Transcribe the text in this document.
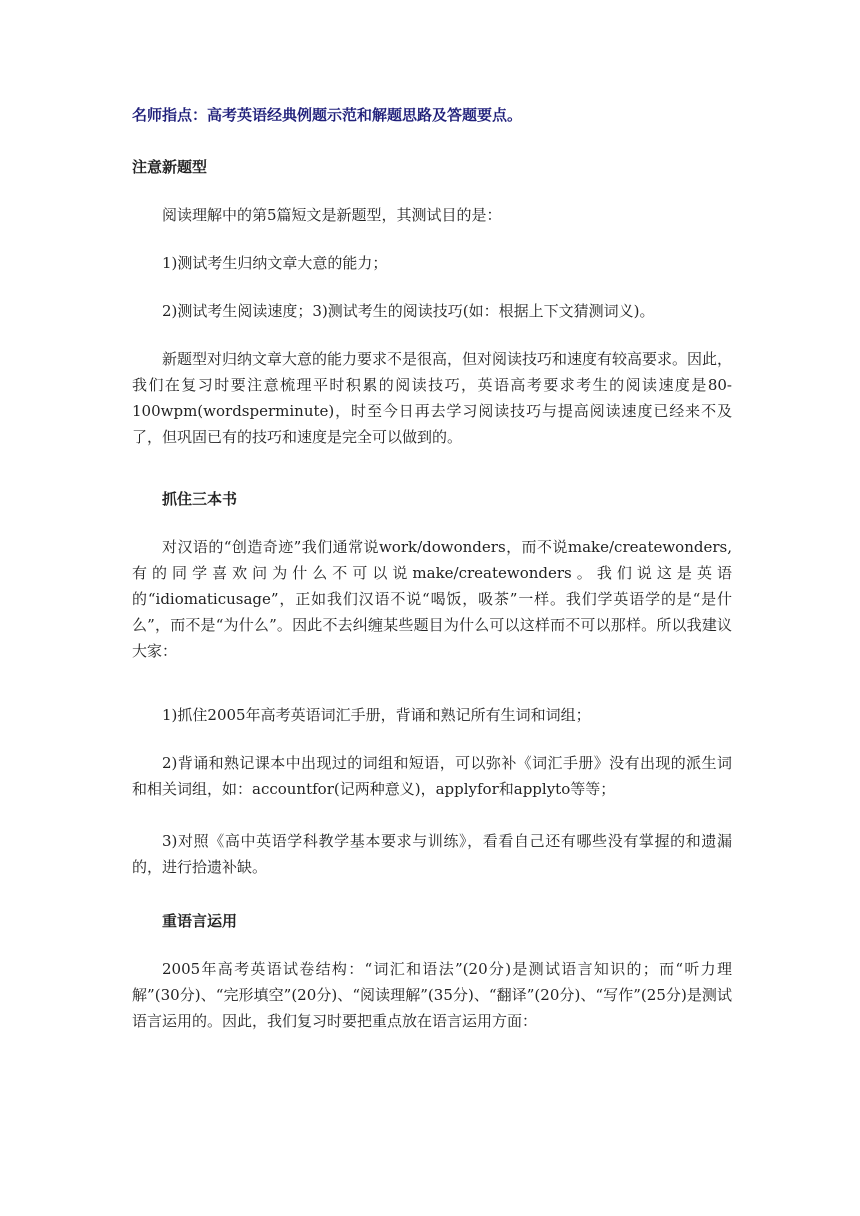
名师指点：高考英语经典例题示范和解题思路及答题要点。
注意新题型
阅读理解中的第5篇短文是新题型，其测试目的是：
1)测试考生归纳文章大意的能力；
2)测试考生阅读速度；3)测试考生的阅读技巧(如：根据上下文猜测词义)。
新题型对归纳文章大意的能力要求不是很高，但对阅读技巧和速度有较高要求。因此，我们在复习时要注意梳理平时积累的阅读技巧，英语高考要求考生的阅读速度是80-100wpm(wordsperminute)，时至今日再去学习阅读技巧与提高阅读速度已经来不及了，但巩固已有的技巧和速度是完全可以做到的。
抓住三本书
对汉语的“创造奇迹”我们通常说work/dowonders，而不说make/createwonders,有的同学喜欢问为什么不可以说make/createwonders。我们说这是英语的“idiomaticusage”，正如我们汉语不说“喝饭，吸茶”一样。我们学英语学的是“是什么”，而不是“为什么”。因此不去纠缠某些题目为什么可以这样而不可以那样。所以我建议大家：
1)抓住2005年高考英语词汇手册，背诵和熟记所有生词和词组；
2)背诵和熟记课本中出现过的词组和短语，可以弥补《词汇手册》没有出现的派生词和相关词组，如：accountfor(记两种意义)，applyfor和applyto等等；
3)对照《高中英语学科教学基本要求与训练》，看看自己还有哪些没有掌握的和遗漏的，进行拾遗补缺。
重语言运用
2005年高考英语试卷结构：“词汇和语法”(20分)是测试语言知识的；而“听力理解”(30分)、“完形填空”(20分)、“阅读理解”(35分)、“翻译”(20分)、“写作”(25分)是测试语言运用的。因此，我们复习时要把重点放在语言运用方面：
